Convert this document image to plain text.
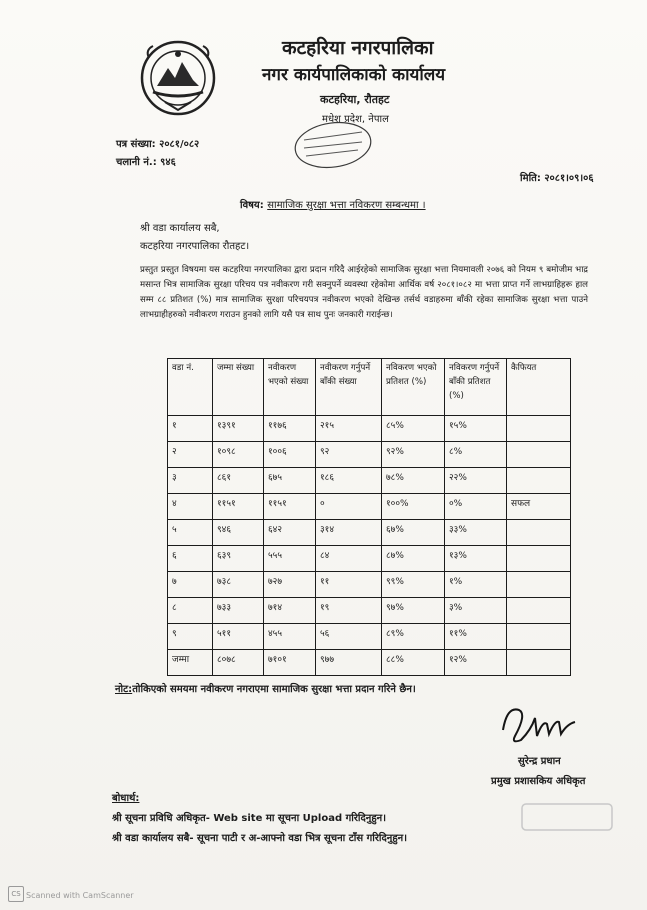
कटहरिया नगरपालिका
नगर कार्यपालिकाको कार्यालय
कटहरिया, रौतहट
मधेश प्रदेश, नेपाल
पत्र संख्या: २०८१/०८२
चलानी नं.: ९४६
मिति: २०८१।०९।०६
विषय: सामाजिक सुरक्षा भत्ता नविकरण सम्बन्धमा ।
श्री वडा कार्यालय सबै,
कटहरिया नगरपालिका रौतहट।
प्रस्तुत प्रस्तुत विषयमा यस कटहरिया नगरपालिका द्वारा प्रदान गरिदै आईरहेको सामाजिक सुरक्षा भत्ता नियमावली २०७६ को नियम ९ बमोजीम भाद्र मसान्त भित्र सामाजिक सुरक्षा परिचय पत्र नवीकरण गरी सक्नुपर्ने व्यवस्था रहेकोमा आर्थिक वर्ष २०८१।०८२ मा भत्ता प्राप्त गर्ने लाभग्राहिहरू हाल सम्म ८८ प्रतिशत (%) मात्र सामाजिक सुरक्षा परिचयपत्र नवीकरण भएको देखिन्छ तर्सर्थ वडाहरुमा बाँकी रहेका सामाजिक सुरक्षा भत्ता पाउने लाभग्राहीहरुको नवीकरण गराउन हुनको लागि यसै पत्र साथ पुनः जनकारी गराईन्छ।
वडा नं.	जम्मा संख्या	नवीकरण भएको संख्या	नवीकरण गर्नुपर्ने बाँकी संख्या	नविकरण भएको प्रतिशत (%)	नविकरण गर्नुपर्ने बाँकी प्रतिशत (%)	कैफियत
१	१३९१	११७६	२१५	८५%	१५%	
२	१०९८	१००६	९२	९२%	८%	
३	८६१	६७५	१८६	७८%	२२%	
४	११५१	११५१	०	१००%	०%	सफल
५	९४६	६४२	३१४	६७%	३३%	
६	६३९	५५५	८४	८७%	१३%	
७	७३८	७२७	११	९९%	१%	
८	७३३	७१४	१९	९७%	३%	
९	५११	४५५	५६	८९%	११%	
जम्मा	८०७८	७१०१	९७७	८८%	१२%	
नोट:तोकिएको समयमा नवीकरण नगराएमा सामाजिक सुरक्षा भत्ता प्रदान गरिने छैन।
सुरेन्द्र प्रधान
प्रमुख प्रशासकिय अधिकृत
बोधार्थ:
श्री सूचना प्रविधि अधिकृत- Web site मा सूचना Upload गरिदिनुहुन।
श्री वडा कार्यालय सबै- सूचना पाटी र अ-आफ्नो वडा भित्र सूचना टाँस गरिदिनुहुन।
CS Scanned with CamScanner
